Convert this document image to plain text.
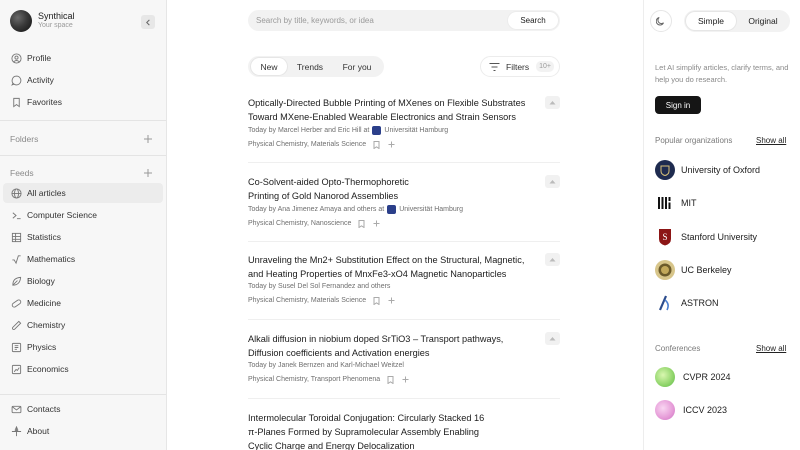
Synthical
Your space
Profile
Activity
Favorites
Folders
Feeds
All articles
Computer Science
Statistics
Mathematics
Biology
Medicine
Chemistry
Physics
Economics
Contacts
About
Search by title, keywords, or idea
Search
New	Trends	For you	Filters	10+
Optically-Directed Bubble Printing of MXenes on Flexible Substrates Toward MXene-Enabled Wearable Electronics and Strain Sensors
Today by Marcel Herber and Eric Hill at Universität Hamburg
Physical Chemistry, Materials Science
Co-Solvent-aided Opto-Thermophoretic Printing of Gold Nanorod Assemblies
Today by Ana Jimenez Amaya and others at Universität Hamburg
Physical Chemistry, Nanoscience
Unraveling the Mn2+ Substitution Effect on the Structural, Magnetic, and Heating Properties of MnxFe3-xO4 Magnetic Nanoparticles
Today by Susel Del Sol Fernandez and others
Physical Chemistry, Materials Science
Alkali diffusion in niobium doped SrTiO3 – Transport pathways, Diffusion coefficients and Activation energies
Today by Janek Bernzen and Karl-Michael Weitzel
Physical Chemistry, Transport Phenomena
Intermolecular Toroidal Conjugation: Circularly Stacked 16 π-Planes Formed by Supramolecular Assembly Enabling Cyclic Charge and Energy Delocalization
Simple	Original
Let AI simplify articles, clarify terms, and help you do research.
Sign in
Popular organizations	Show all
University of Oxford
MIT
S Stanford University
UC Berkeley
ASTRON
Conferences	Show all
CVPR 2024
ICCV 2023
